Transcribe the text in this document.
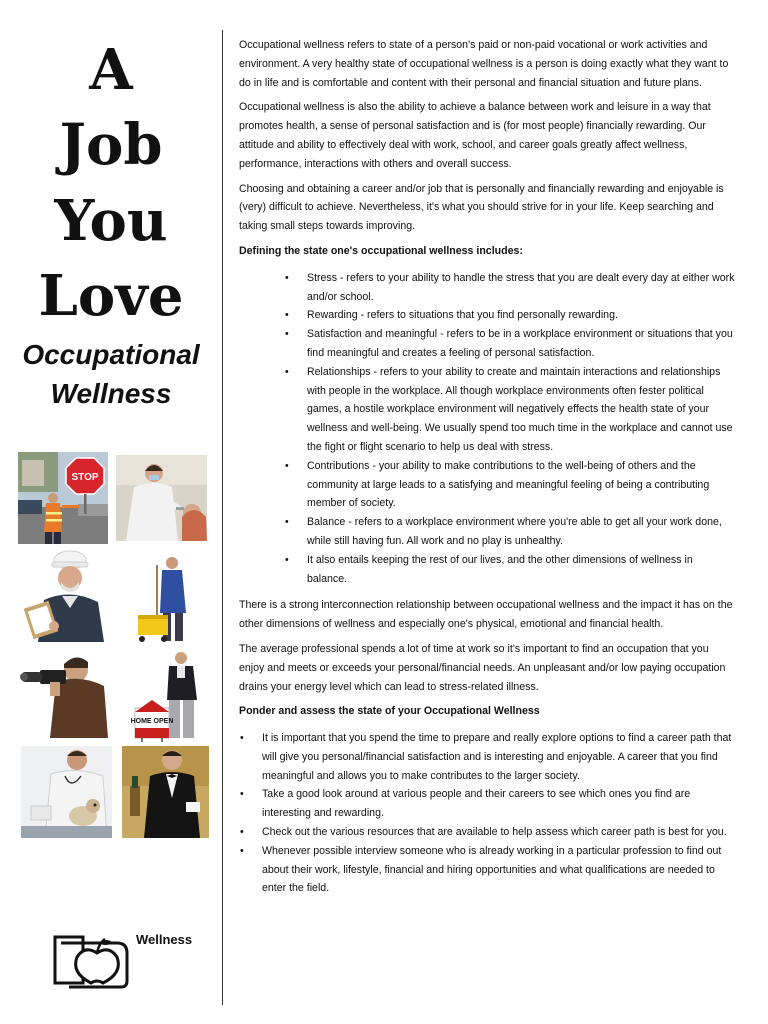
A
Job
You
Love
Occupational
Wellness
STOP
HOME OPEN
Wellness

Occupational wellness refers to state of a person's paid or non-paid vocational or work activities and environment. A very healthy state of occupational wellness is a person is doing exactly what they want to do in life and is comfortable and content with their personal and financial situation and future plans.

Occupational wellness is also the ability to achieve a balance between work and leisure in a way that promotes health, a sense of personal satisfaction and is (for most people) financially rewarding. Our attitude and ability to effectively deal with work, school, and career goals greatly affect wellness, performance, interactions with others and overall success.

Choosing and obtaining a career and/or job that is personally and financially rewarding and enjoyable is (very) difficult to achieve. Nevertheless, it's what you should strive for in your life. Keep searching and taking small steps towards improving.

Defining the state one's occupational wellness includes:
• Stress - refers to your ability to handle the stress that you are dealt every day at either work and/or school.
• Rewarding - refers to situations that you find personally rewarding.
• Satisfaction and meaningful - refers to be in a workplace environment or situations that you find meaningful and creates a feeling of personal satisfaction.
• Relationships - refers to your ability to create and maintain interactions and relationships with people in the workplace. All though workplace environments often fester political games, a hostile workplace environment will negatively effects the health state of your wellness and well-being. We usually spend too much time in the workplace and cannot use the fight or flight scenario to help us deal with stress.
• Contributions - your ability to make contributions to the well-being of others and the community at large leads to a satisfying and meaningful feeling of being a contributing member of society.
• Balance - refers to a workplace environment where you're able to get all your work done, while still having fun. All work and no play is unhealthy.
• It also entails keeping the rest of our lives, and the other dimensions of wellness in balance.

There is a strong interconnection relationship between occupational wellness and the impact it has on the other dimensions of wellness and especially one's physical, emotional and financial health.

The average professional spends a lot of time at work so it's important to find an occupation that you enjoy and meets or exceeds your personal/financial needs. An unpleasant and/or low paying occupation drains your energy level which can lead to stress-related illness.

Ponder and assess the state of your Occupational Wellness
• It is important that you spend the time to prepare and really explore options to find a career path that will give you personal/financial satisfaction and is interesting and enjoyable. A career that you find meaningful and allows you to make contributes to the larger society.
• Take a good look around at various people and their careers to see which ones you find are interesting and rewarding.
• Check out the various resources that are available to help assess which career path is best for you.
• Whenever possible interview someone who is already working in a particular profession to find out about their work, lifestyle, financial and hiring opportunities and what qualifications are needed to enter the field.
